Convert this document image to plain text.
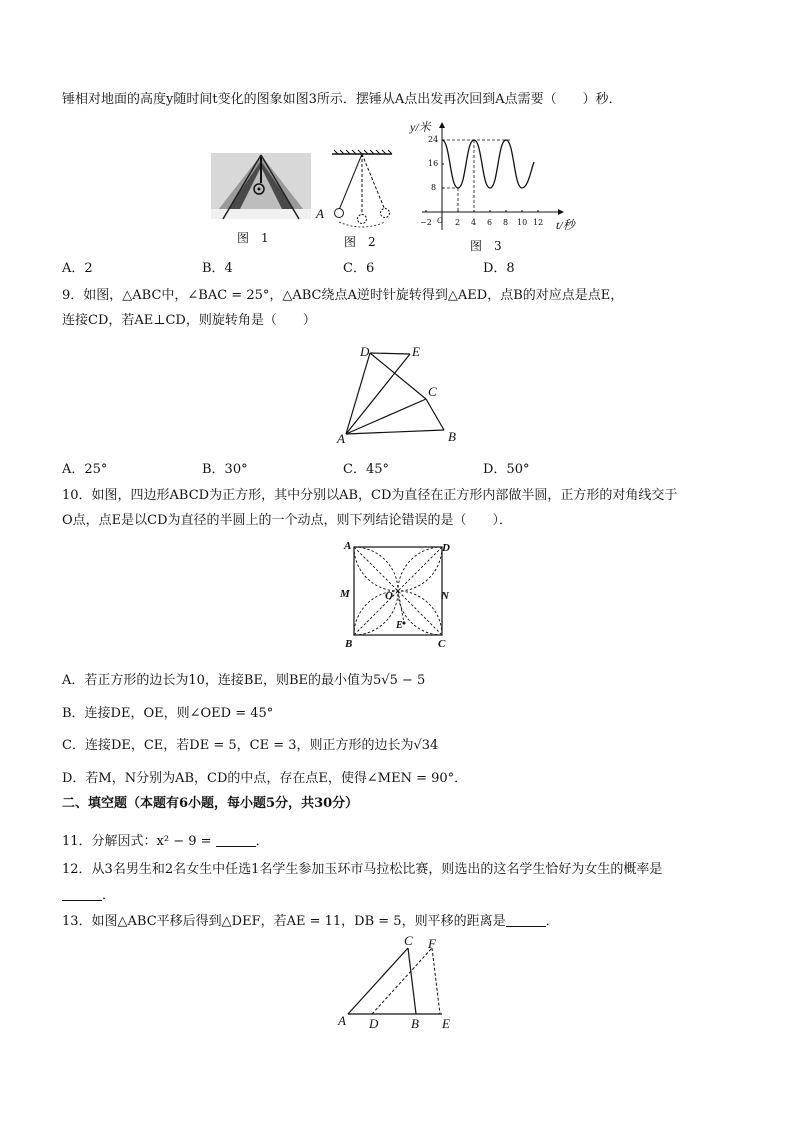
锤相对地面的高度y随时间t变化的图象如图3所示．摆锤从A点出发再次回到A点需要（　　）秒．
图　1
A
图　2
y/米
24
16
8
−2 O 2 4 6 8 10 12 t/秒
图　3
A．2	B．4	C．6	D．8
9．如图，△ABC中，∠BAC = 25°，△ABC绕点A逆时针旋转得到△AED，点B的对应点是点E，
连接CD，若AE⊥CD，则旋转角是（　　）
D	E
C
A	B
A．25°	B．30°	C．45°	D．50°
10．如图，四边形ABCD为正方形，其中分别以AB，CD为直径在正方形内部做半圆，正方形的对角线交于
O点，点E是以CD为直径的半圆上的一个动点，则下列结论错误的是（　　）．
A	D
M	O	N
B	C
E
A．若正方形的边长为10，连接BE，则BE的最小值为5√5 − 5
B．连接DE，OE，则∠OED = 45°
C．连接DE，CE，若DE = 5，CE = 3，则正方形的边长为√34
D．若M，N分别为AB，CD的中点，存在点E，使得∠MEN = 90°．
二、填空题（本题有6小题，每小题5分，共30分）
11．分解因式：x² − 9 =	．
12．从3名男生和2名女生中任选1名学生参加玉环市马拉松比赛，则选出的这名学生恰好为女生的概率是
．
13．如图△ABC平移后得到△DEF，若AE = 11，DB = 5，则平移的距离是	．
C F
A D	B E
